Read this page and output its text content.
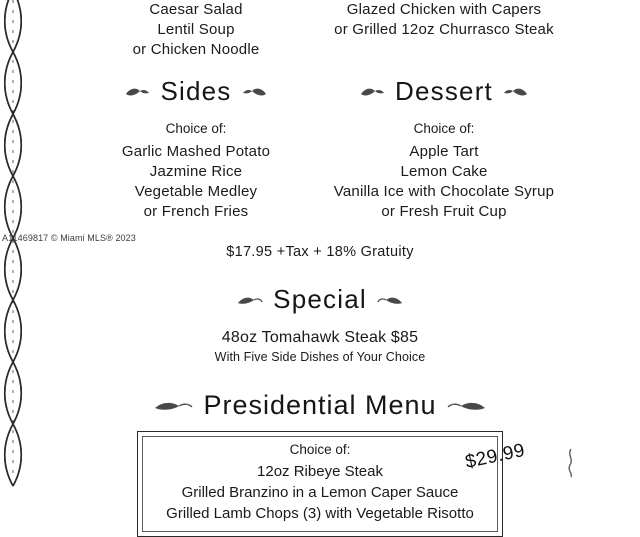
A11469817 © Miami MLS® 2023
Caesar Salad
Lentil Soup
or Chicken Noodle
Glazed Chicken with Capers
or Grilled 12oz Churrasco Steak
Sides
Choice of:
Garlic Mashed Potato
Jazmine Rice
Vegetable Medley
or French Fries
Dessert
Choice of:
Apple Tart
Lemon Cake
Vanilla Ice with Chocolate Syrup
or Fresh Fruit Cup
$17.95 +Tax + 18% Gratuity
Special
48oz Tomahawk Steak $85
With Five Side Dishes of Your Choice
Presidential Menu
Choice of:
12oz Ribeye Steak
Grilled Branzino in a Lemon Caper Sauce
Grilled Lamb Chops (3) with Vegetable Risotto
$29.99
